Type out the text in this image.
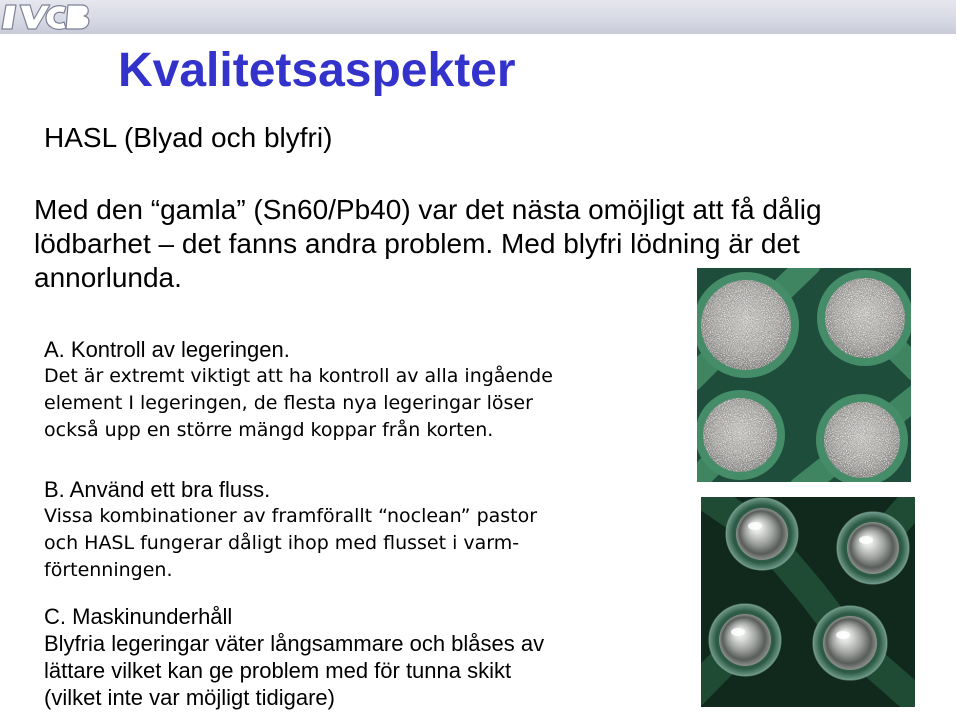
Kvalitetsaspekter
HASL (Blyad och blyfri)
Med den “gamla” (Sn60/Pb40) var det nästa omöjligt att få dålig
lödbarhet – det fanns andra problem. Med blyfri lödning är det
annorlunda.
A. Kontroll av legeringen.
Det är extremt viktigt att ha kontroll av alla ingående
element I legeringen, de flesta nya legeringar löser
också upp en större mängd koppar från korten.
B. Använd ett bra fluss.
Vissa kombinationer av framförallt “noclean” pastor
och HASL fungerar dåligt ihop med flusset i varm-
förtenningen.
C. Maskinunderhåll
Blyfria legeringar väter långsammare och blåses av
lättare vilket kan ge problem med för tunna skikt
(vilket inte var möjligt tidigare)
